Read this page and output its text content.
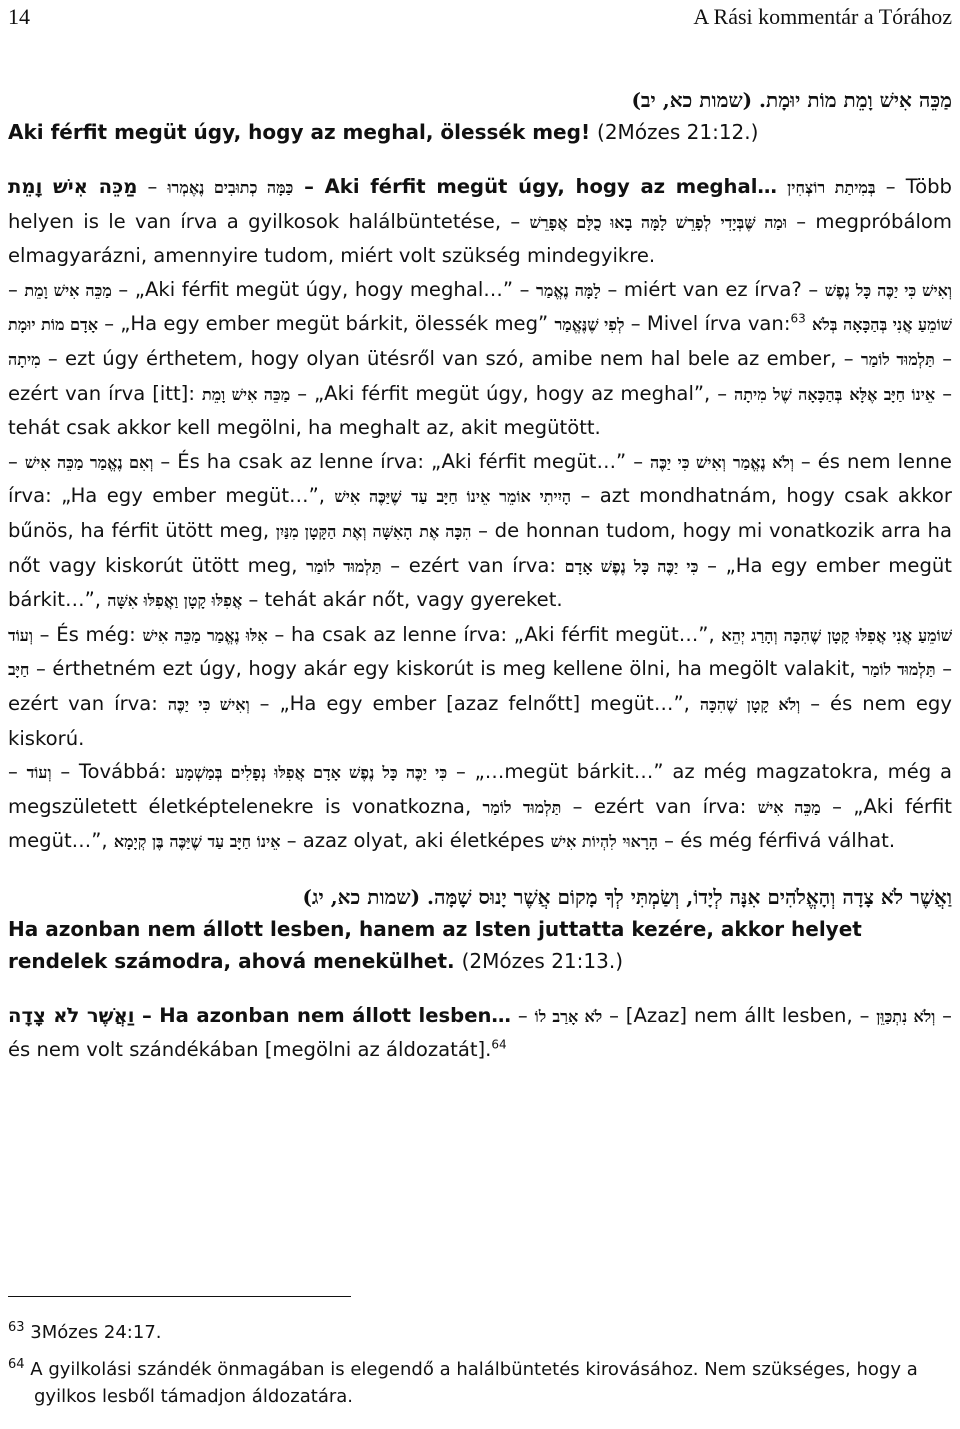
14	A Rási kommentár a Tórához
מַכֵּה אִישׁ וָמֵת מוֹת יוּמָת. (שמות כא, יב)
Aki férfit megüt úgy, hogy az meghal, ölessék meg! (2Mózes 21:12.)

כַּמָּה כְתוּבִים נֶאֶמְרוּ – מַכֵּה אִישׁ וָמֵת – Aki férfit megüt úgy, hogy az meghal… בְּמִיתַת רוֹצְחִין – Több helyen is le van írva a gyilkosok halálbüntetése, –	וּמַה שֶּׁבְּיָדִי לְפָרֵשׁ לָמָּה בָאוּ כֻלָּם אֲפָרֵשׁ	– megpróbálom elmagyarázni, amennyire tudom, miért volt szükség mindegyikre.

– מַכֵּה אִישׁ וָמֵת – „Aki férfit megüt úgy, hogy meghal…” – לָמָּה נֶאֱמַר – miért van ez írva? – וְאִישׁ כִּי יַכֶּה כָּל נֶפֶשׁ אָדָם מוֹת יוּמָת – „Ha egy ember megüt bárkit, ölessék meg” לְפִי שֶׁנֶּאֱמַר – Mivel írva van:$^{63}$ שׁוֹמֵעַ אֲנִי בְּהַכָּאָה בְּלֹא מִיתָה – ezt úgy érthetem, hogy olyan ütésről van szó, amibe nem hal bele az ember, – תַּלְמוּד לוֹמַר – ezért van írva [itt]: מַכֵּה אִישׁ וָמֵת – „Aki férfit megüt úgy, hogy az meghal”, –	אֵינוֹ חַיָּב אֶלָּא בְּהַכָּאָה שֶׁל מִיתָה	– tehát csak akkor kell megölni, ha meghalt az, akit megütött.

– וְאִם נֶאֱמַר מַכֵּה אִישׁ – És ha csak az lenne írva: „Aki férfit megüt…” –	וְלֹא נֶאֱמַר וְאִישׁ כִּי יַכֶּה	– és nem lenne írva: „Ha egy ember megüt…”,	הָיִיתִי אוֹמֵר אֵינוֹ חַיָּב עַד שֶׁיַּכֶּה אִישׁ	– azt mondhatnám, hogy csak akkor bűnös, ha férfit ütött meg,	הִכָּה אֶת הָאִשָּׁה וְאֶת הַקָּטָן מִנַּיִן	– de honnan tudom, hogy mi vonatkozik arra ha nőt vagy kiskorút ütött meg, תַּלְמוּד לוֹמַר – ezért van írva: כִּי יַכֶּה כָּל נֶפֶשׁ אָדָם – „Ha egy ember megüt bárkit…”, אֲפִלּוּ קָטָן וַאֲפִלּוּ אִשָּׁה – tehát akár nőt, vagy gyereket.

וְעוֹד – És még: אִלּוּ נֶאֱמַר מַכֵּה אִישׁ – ha csak az lenne írva: „Aki férfit megüt…”, שׁוֹמֵעַ אֲנִי אֲפִלּוּ קָטָן שֶׁהִכָּה וְהָרַג יְהֵא חַיָּב – érthetném ezt úgy, hogy akár egy kiskorút is meg kellene ölni, ha megölt valakit, תַּלְמוּד לוֹמַר – ezért van írva: וְאִישׁ כִּי יַכֶּה – „Ha egy ember [azaz felnőtt] megüt…”, וְלֹא קָטָן שֶׁהִכָּה – és nem egy kiskorú.

– וְעוֹד – Továbbá: כִּי יַכֶּה כָּל נֶפֶשׁ אָדָם אֲפִלּוּ נְפָלִים בְּמַשְׁמָע – „…megüt bárkit…” az még magzatokra, még a megszületett életképtelenekre is vonatkozna,	תַּלְמוּד לוֹמַר	– ezért van írva: מַכֵּה אִישׁ – „Aki férfit megüt…”, אֵינוֹ חַיָּב עַד שֶׁיַּכֶּה בֶּן קְיָמָא – azaz olyat, aki életképes הָרָאוּי לִהְיוֹת אִישׁ – és még férfivá válhat.

וַאֲשֶׁר לֹא צָדָה וְהָאֱלֹהִים אִנָּה לְיָדוֹ, וְשַׂמְתִּי לְךָ מָקוֹם אֲשֶׁר יָנוּס שָׁמָּה. (שמות כא, יג)
Ha azonban nem állott lesben, hanem az Isten juttatta kezére, akkor helyet rendelek számodra, ahová menekülhet. (2Mózes 21:13.)

וַאֲשֶׁר לֹא צָדָה – Ha azonban nem állott lesben… – לֹא אָרַב לוֹ – [Azaz] nem állt lesben, – וְלֹא נִתְכַּוֵּן – és nem volt szándékában [megölni az áldozatát].$^{64}$

$^{63}$ 3Mózes 24:17.
$^{64}$ A gyilkolási szándék önmagában is elegendő a halálbüntetés kirovásához. Nem szükséges, hogy a gyilkos lesből támadjon áldozatára.
